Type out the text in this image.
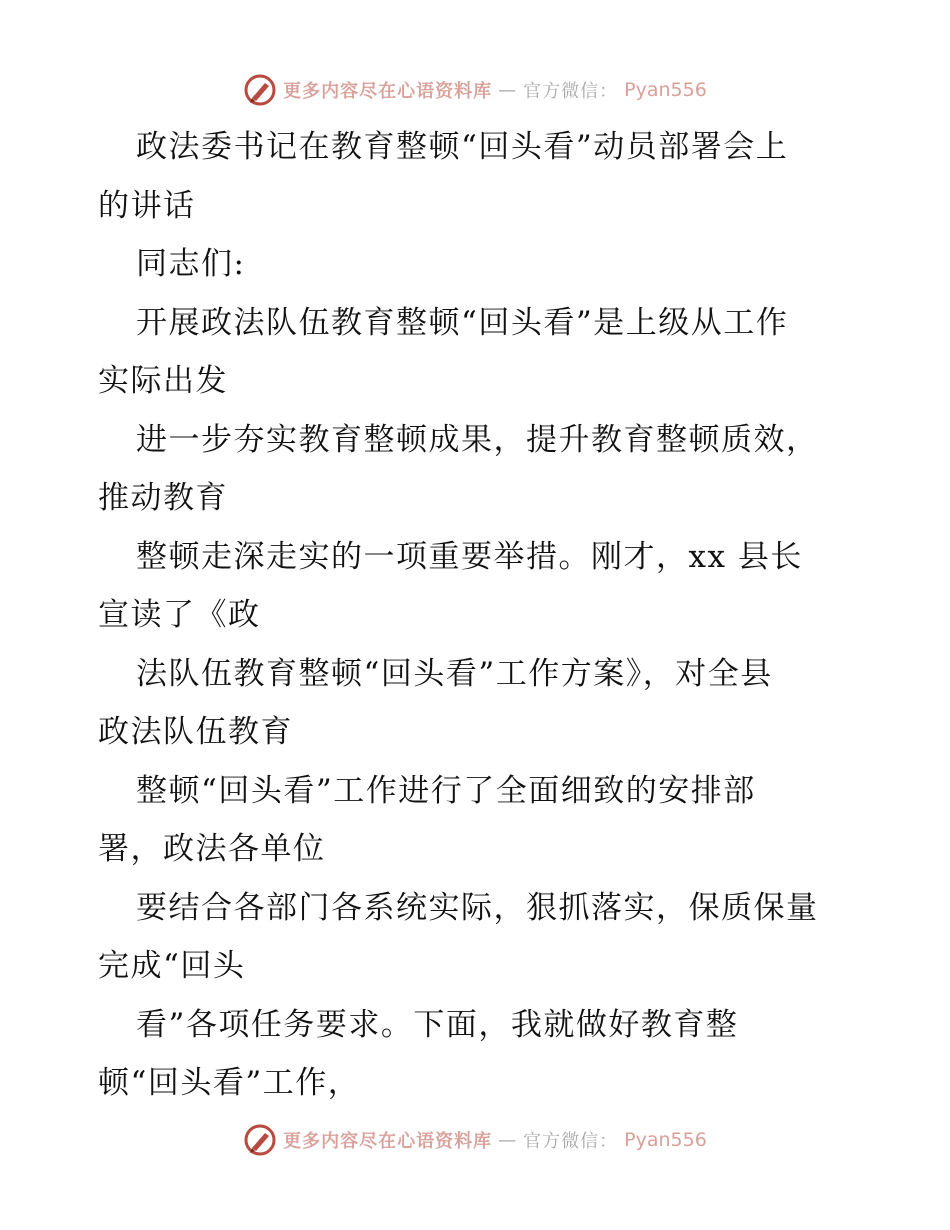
更多内容尽在心语资料库 — 官方微信： Pyan556
政法委书记在教育整顿“回头看”动员部署会上
的讲话
同志们:
开展政法队伍教育整顿“回头看”是上级从工作
实际出发
进一步夯实教育整顿成果，提升教育整顿质效，
推动教育
整顿走深走实的一项重要举措。刚才，xx 县长
宣读了《政
法队伍教育整顿“回头看”工作方案》，对全县
政法队伍教育
整顿“回头看”工作进行了全面细致的安排部
署，政法各单位
要结合各部门各系统实际，狠抓落实，保质保量
完成“回头
看”各项任务要求。下面，我就做好教育整
顿“回头看”工作，
更多内容尽在心语资料库 — 官方微信： Pyan556
